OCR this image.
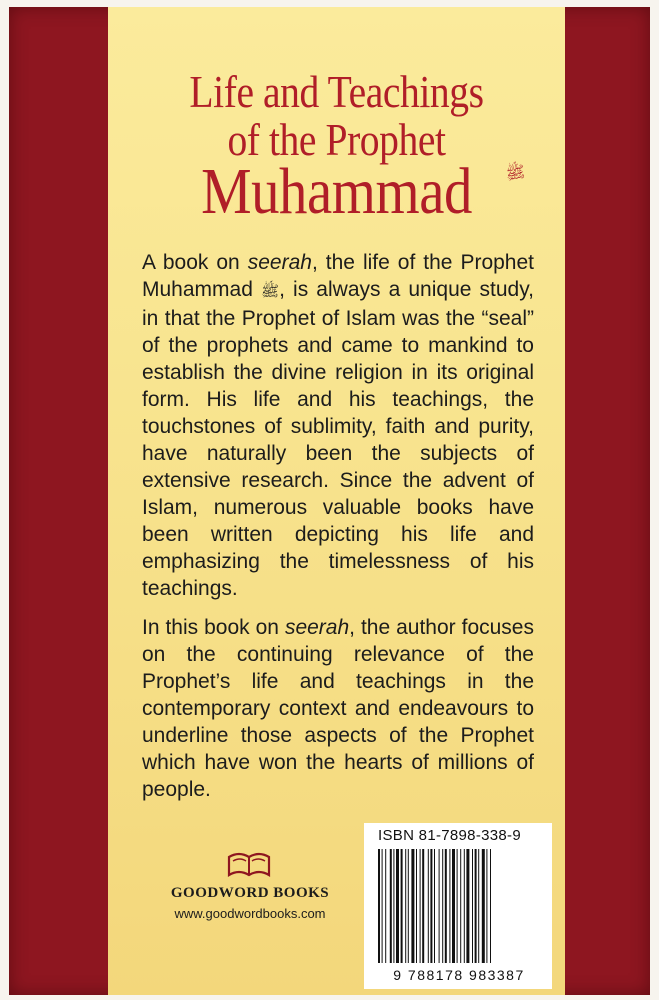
Life and Teachings
of the Prophet
Muhammad	ﷺ

A book on seerah, the life of the Prophet Muhammad ﷺ, is always a unique study, in that the Prophet of Islam was the “seal” of the prophets and came to mankind to establish the divine religion in its original form. His life and his teachings, the touchstones of sublimity, faith and purity, have naturally been the subjects of extensive research. Since the advent of Islam, numerous valuable books have been written depicting his life and emphasizing the timelessness of his teachings.

In this book on seerah, the author focuses on the continuing relevance of the Prophet’s life and teachings in the contemporary context and endeavours to underline those aspects of the Prophet which have won the hearts of millions of people.

GOODWORD BOOKS
www.goodwordbooks.com
ISBN 81-7898-338-9
9 788178 983387
